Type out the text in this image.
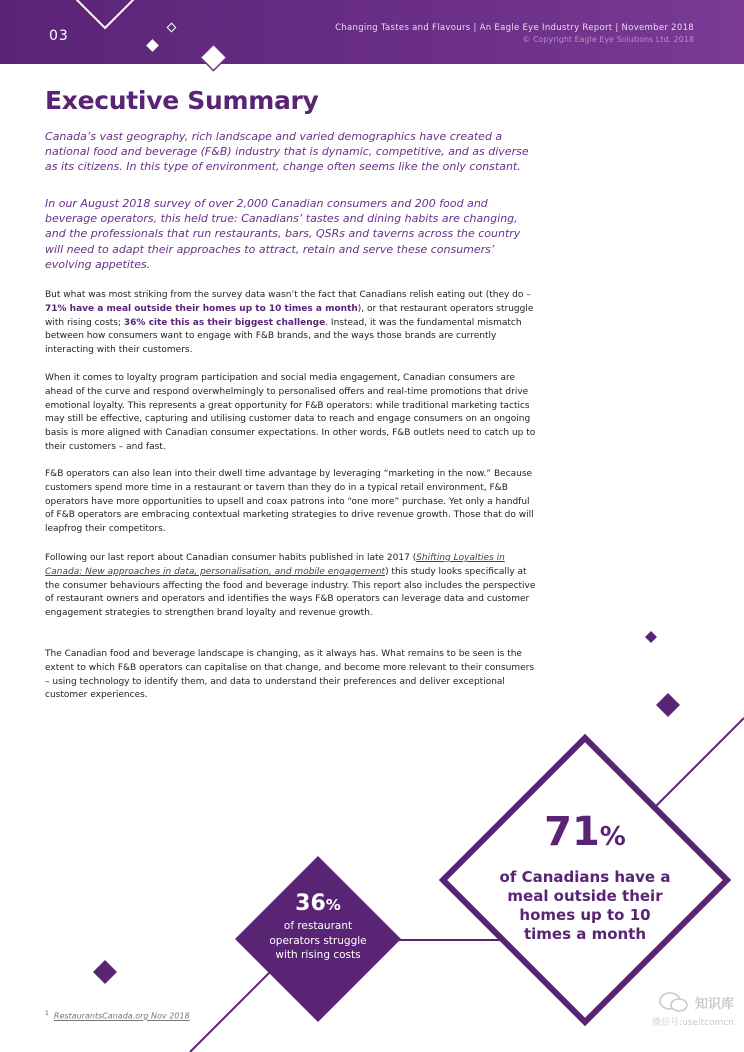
03	Changing Tastes and Flavours | An Eagle Eye Industry Report | November 2018
© Copyright Eagle Eye Solutions Ltd. 2018
Executive Summary

Canada’s vast geography, rich landscape and varied demographics have created a national food and beverage (F&B) industry that is dynamic, competitive, and as diverse as its citizens. In this type of environment, change often seems like the only constant.

In our August 2018 survey of over 2,000 Canadian consumers and 200 food and beverage operators, this held true: Canadians’ tastes and dining habits are changing, and the professionals that run restaurants, bars, QSRs and taverns across the country will need to adapt their approaches to attract, retain and serve these consumers’ evolving appetites.

But what was most striking from the survey data wasn’t the fact that Canadians relish eating out (they do – 71% have a meal outside their homes up to 10 times a month), or that restaurant operators struggle with rising costs; 36% cite this as their biggest challenge. Instead, it was the fundamental mismatch between how consumers want to engage with F&B brands, and the ways those brands are currently interacting with their customers.

When it comes to loyalty program participation and social media engagement, Canadian consumers are ahead of the curve and respond overwhelmingly to personalised offers and real-time promotions that drive emotional loyalty. This represents a great opportunity for F&B operators: while traditional marketing tactics may still be effective, capturing and utilising customer data to reach and engage consumers on an ongoing basis is more aligned with Canadian consumer expectations. In other words, F&B outlets need to catch up to their customers – and fast.

F&B operators can also lean into their dwell time advantage by leveraging “marketing in the now.” Because customers spend more time in a restaurant or tavern than they do in a typical retail environment, F&B operators have more opportunities to upsell and coax patrons into “one more” purchase. Yet only a handful of F&B operators are embracing contextual marketing strategies to drive revenue growth. Those that do will leapfrog their competitors.

Following our last report about Canadian consumer habits published in late 2017 (Shifting Loyalties in Canada: New approaches in data, personalisation, and mobile engagement) this study looks specifically at the consumer behaviours affecting the food and beverage industry. This report also includes the perspective of restaurant owners and operators and identifies the ways F&B operators can leverage data and customer engagement strategies to strengthen brand loyalty and revenue growth.

The Canadian food and beverage landscape is changing, as it always has. What remains to be seen is the extent to which F&B operators can capitalise on that change, and become more relevant to their consumers – using technology to identify them, and data to understand their preferences and deliver exceptional customer experiences.

71%
of Canadians have a meal outside their homes up to 10 times a month
36%
of restaurant operators struggle with rising costs
$^1$ RestaurantsCanada.org Nov 2018
知识库
微信号:useitcomcn
